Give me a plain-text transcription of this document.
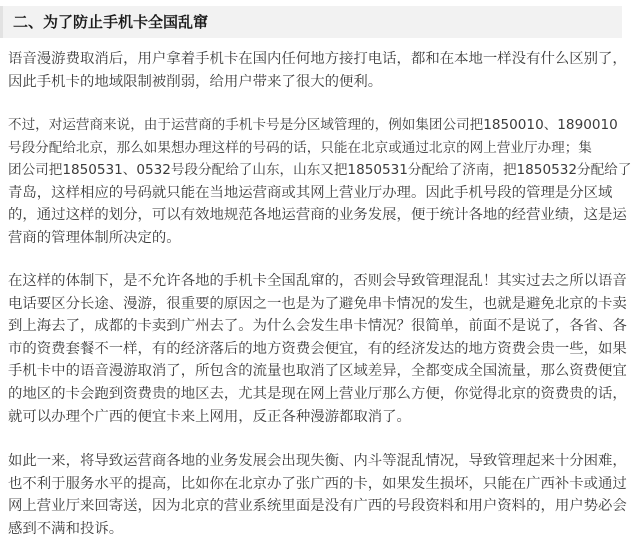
二、为了防止手机卡全国乱窜
语音漫游费取消后，用户拿着手机卡在国内任何地方接打电话，都和在本地一样没有什么区别了，
因此手机卡的地域限制被削弱，给用户带来了很大的便利。
不过，对运营商来说，由于运营商的手机卡号是分区域管理的，例如集团公司把1850010、1890010
号段分配给北京，那么如果想办理这样的号码的话，只能在北京或通过北京的网上营业厅办理；集
团公司把1850531、0532号段分配给了山东，山东又把1850531分配给了济南，把1850532分配给了
青岛，这样相应的号码就只能在当地运营商或其网上营业厅办理。因此手机号段的管理是分区域
的，通过这样的划分，可以有效地规范各地运营商的业务发展，便于统计各地的经营业绩，这是运
营商的管理体制所决定的。
在这样的体制下，是不允许各地的手机卡全国乱窜的，否则会导致管理混乱！其实过去之所以语音
电话要区分长途、漫游，很重要的原因之一也是为了避免串卡情况的发生，也就是避免北京的卡卖
到上海去了，成都的卡卖到广州去了。为什么会发生串卡情况？很简单，前面不是说了，各省、各
市的资费套餐不一样，有的经济落后的地方资费会便宜，有的经济发达的地方资费会贵一些，如果
手机卡中的语音漫游取消了，所包含的流量也取消了区域差异，全都变成全国流量，那么资费便宜
的地区的卡会跑到资费贵的地区去，尤其是现在网上营业厅那么方便，你觉得北京的资费贵的话，
就可以办理个广西的便宜卡来上网用，反正各种漫游都取消了。
如此一来，将导致运营商各地的业务发展会出现失衡、内斗等混乱情况，导致管理起来十分困难，
也不利于服务水平的提高，比如你在北京办了张广西的卡，如果发生损坏，只能在广西补卡或通过
网上营业厅来回寄送，因为北京的营业系统里面是没有广西的号段资料和用户资料的，用户势必会
感到不满和投诉。
